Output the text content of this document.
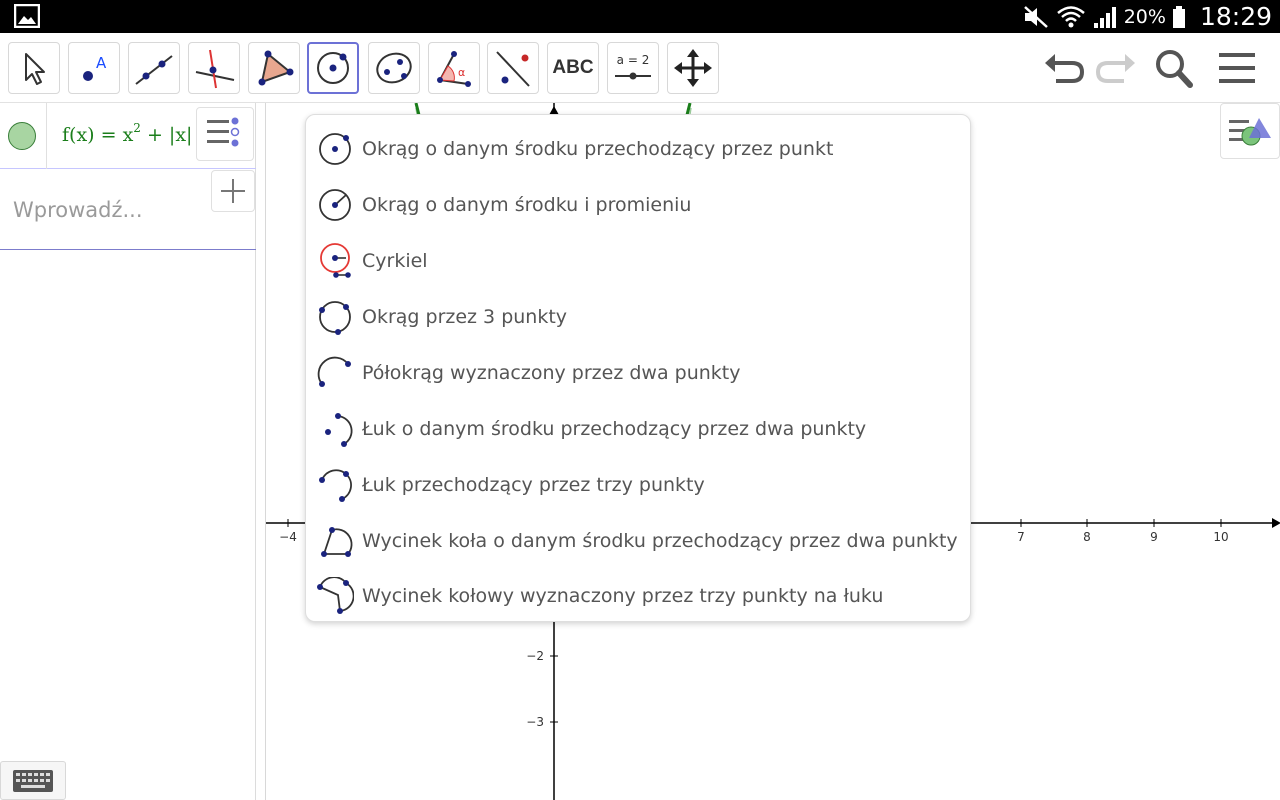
20% 18:29
A
α	ABC a = 2
$f(x) = x^2 + |x|$
Wprowadź...
−4	7	8	9	10
−2
−3
Okrąg o danym środku przechodzący przez punkt
Okrąg o danym środku i promieniu
Cyrkiel
Okrąg przez 3 punkty
Półokrąg wyznaczony przez dwa punkty
Łuk o danym środku przechodzący przez dwa punkty
Łuk przechodzący przez trzy punkty
Wycinek koła o danym środku przechodzący przez dwa punkty
Wycinek kołowy wyznaczony przez trzy punkty na łuku
